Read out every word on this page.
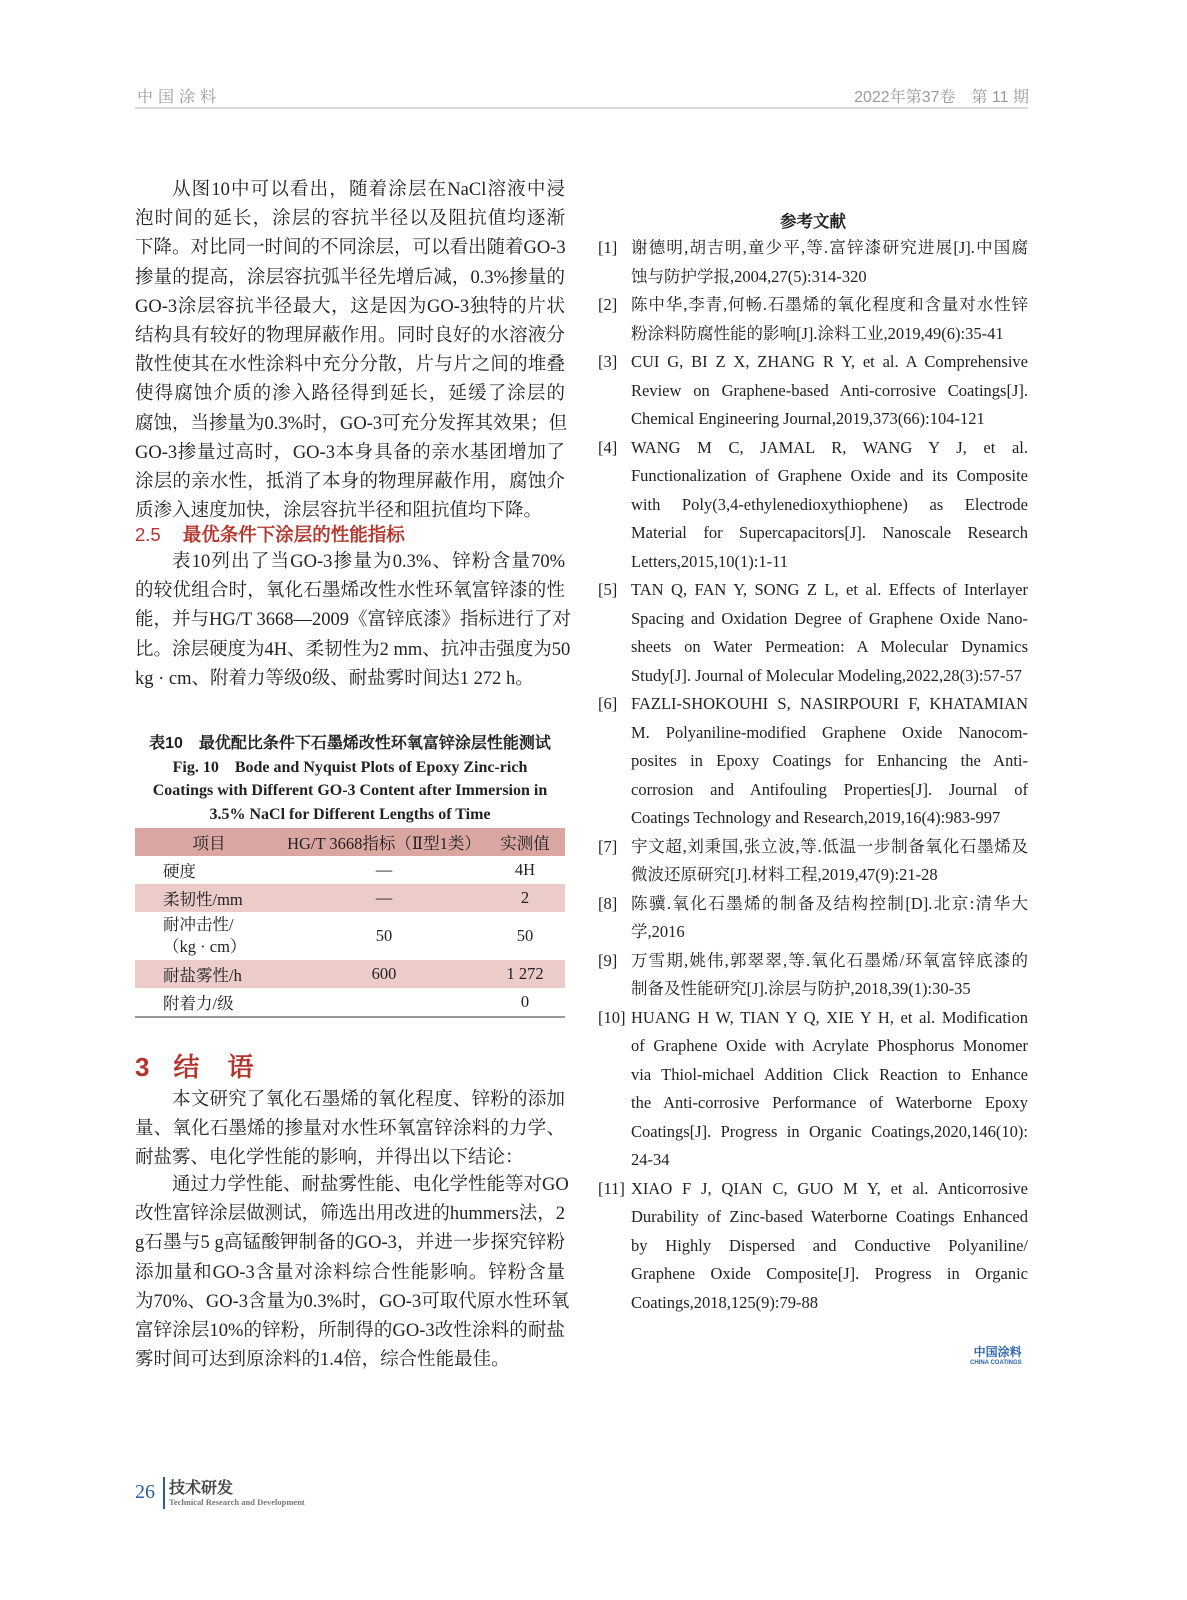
中国涂料	2022年第37卷　第 11 期
从图10中可以看出，随着涂层在NaCl溶液中浸
泡时间的延长，涂层的容抗半径以及阻抗值均逐渐
下降。对比同一时间的不同涂层，可以看出随着GO-3
掺量的提高，涂层容抗弧半径先增后减，0.3%掺量的
GO-3涂层容抗半径最大，这是因为GO-3独特的片状
结构具有较好的物理屏蔽作用。同时良好的水溶液分
散性使其在水性涂料中充分分散，片与片之间的堆叠
使得腐蚀介质的渗入路径得到延长，延缓了涂层的
腐蚀，当掺量为0.3%时，GO-3可充分发挥其效果；但
GO-3掺量过高时，GO-3本身具备的亲水基团增加了
涂层的亲水性，抵消了本身的物理屏蔽作用，腐蚀介
质渗入速度加快，涂层容抗半径和阻抗值均下降。
2.5 最优条件下涂层的性能指标
表10列出了当GO-3掺量为0.3%、锌粉含量70%
的较优组合时，氧化石墨烯改性水性环氧富锌漆的性
能，并与HG/T 3668—2009《富锌底漆》指标进行了对
比。涂层硬度为4H、柔韧性为2 mm、抗冲击强度为50
kg · cm、附着力等级0级、耐盐雾时间达1 272 h。
表10　最优配比条件下石墨烯改性环氧富锌涂层性能测试
Fig. 10　Bode and Nyquist Plots of Epoxy Zinc-rich
Coatings with Different GO-3 Content after Immersion in
3.5% NaCl for Different Lengths of Time
项目	HG/T 3668指标（Ⅱ型1类）	实测值
硬度	—	4H
柔韧性/mm	—	2
耐冲击性/
（kg · cm）	50	50
耐盐雾性/h	600	1 272
附着力/级		0
3 结 语
本文研究了氧化石墨烯的氧化程度、锌粉的添加
量、氧化石墨烯的掺量对水性环氧富锌涂料的力学、
耐盐雾、电化学性能的影响，并得出以下结论：
通过力学性能、耐盐雾性能、电化学性能等对GO
改性富锌涂层做测试，筛选出用改进的hummers法，2
g石墨与5 g高锰酸钾制备的GO-3，并进一步探究锌粉
添加量和GO-3含量对涂料综合性能影响。锌粉含量
为70%、GO-3含量为0.3%时，GO-3可取代原水性环氧
富锌涂层10%的锌粉，所制得的GO-3改性涂料的耐盐
雾时间可达到原涂料的1.4倍，综合性能最佳。
参考文献
[1] 谢德明,胡吉明,童少平,等.富锌漆研究进展[J].中国腐
蚀与防护学报,2004,27(5):314-320
[2] 陈中华,李青,何畅.石墨烯的氧化程度和含量对水性锌
粉涂料防腐性能的影响[J].涂料工业,2019,49(6):35-41
[3] CUI G, BI Z X, ZHANG R Y, et al. A Comprehensive
Review on Graphene-based Anti-corrosive Coatings[J].
Chemical Engineering Journal,2019,373(66):104-121
[4] WANG M C, JAMAL R, WANG Y J, et al.
Functionalization of Graphene Oxide and its Composite
with Poly(3,4-ethylenedioxythiophene) as Electrode
Material for Supercapacitors[J]. Nanoscale Research
Letters,2015,10(1):1-11
[5] TAN Q, FAN Y, SONG Z L, et al. Effects of Interlayer
Spacing and Oxidation Degree of Graphene Oxide Nano-
sheets on Water Permeation: A Molecular Dynamics
Study[J]. Journal of Molecular Modeling,2022,28(3):57-57
[6] FAZLI-SHOKOUHI S, NASIRPOURI F, KHATAMIAN
M. Polyaniline-modified Graphene Oxide Nanocom-
posites in Epoxy Coatings for Enhancing the Anti-
corrosion and Antifouling Properties[J]. Journal of
Coatings Technology and Research,2019,16(4):983-997
[7] 宇文超,刘秉国,张立波,等.低温一步制备氧化石墨烯及
微波还原研究[J].材料工程,2019,47(9):21-28
[8] 陈骥.氧化石墨烯的制备及结构控制[D].北京:清华大
学,2016
[9] 万雪期,姚伟,郭翠翠,等.氧化石墨烯/环氧富锌底漆的
制备及性能研究[J].涂层与防护,2018,39(1):30-35
[10] HUANG H W, TIAN Y Q, XIE Y H, et al. Modification
of Graphene Oxide with Acrylate Phosphorus Monomer
via Thiol-michael Addition Click Reaction to Enhance
the Anti-corrosive Performance of Waterborne Epoxy
Coatings[J]. Progress in Organic Coatings,2020,146(10):
24-34
[11] XIAO F J, QIAN C, GUO M Y, et al. Anticorrosive
Durability of Zinc-based Waterborne Coatings Enhanced
by Highly Dispersed and Conductive Polyaniline/
Graphene Oxide Composite[J]. Progress in Organic
Coatings,2018,125(9):79-88
中国涂料
CHINA COATINGS
26 技术研发
Technical Research and Development
